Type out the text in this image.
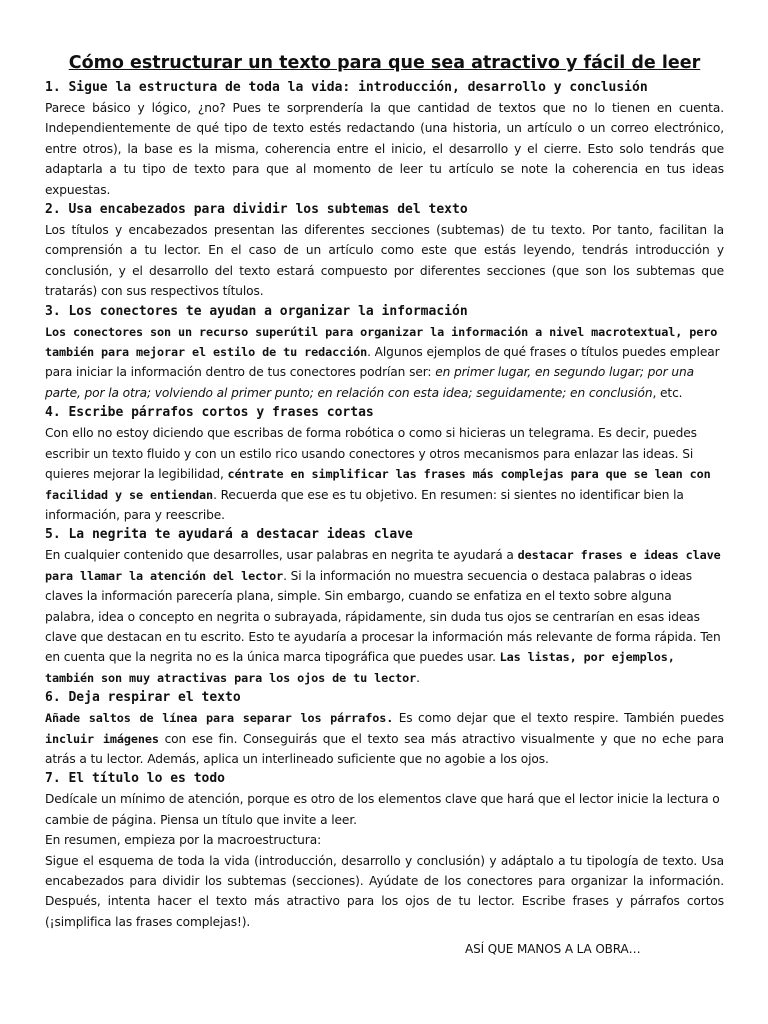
Cómo estructurar un texto para que sea atractivo y fácil de leer
1. Sigue la estructura de toda la vida: introducción, desarrollo y conclusión

Parece básico y lógico, ¿no? Pues te sorprendería la que cantidad de textos que no lo tienen en cuenta. Independientemente de qué tipo de texto estés redactando (una historia, un artículo o un correo electrónico, entre otros), la base es la misma, coherencia entre el inicio, el desarrollo y el cierre. Esto solo tendrás que adaptarla a tu tipo de texto para que al momento de leer tu artículo se note la coherencia en tus ideas expuestas.

2. Usa encabezados para dividir los subtemas del texto

Los títulos y encabezados presentan las diferentes secciones (subtemas) de tu texto. Por tanto, facilitan la comprensión a tu lector. En el caso de un artículo como este que estás leyendo, tendrás introducción y conclusión, y el desarrollo del texto estará compuesto por diferentes secciones (que son los subtemas que tratarás) con sus respectivos títulos.

3. Los conectores te ayudan a organizar la información

Los conectores son un recurso superútil para organizar la información a nivel macrotextual, pero también para mejorar el estilo de tu redacción. Algunos ejemplos de qué frases o títulos puedes emplear para iniciar la información dentro de tus conectores podrían ser: en primer lugar, en segundo lugar; por una parte, por la otra; volviendo al primer punto; en relación con esta idea; seguidamente; en conclusión, etc.

4. Escribe párrafos cortos y frases cortas

Con ello no estoy diciendo que escribas de forma robótica o como si hicieras un telegrama. Es decir, puedes escribir un texto fluido y con un estilo rico usando conectores y otros mecanismos para enlazar las ideas. Si quieres mejorar la legibilidad, céntrate en simplificar las frases más complejas para que se lean con facilidad y se entiendan. Recuerda que ese es tu objetivo. En resumen: si sientes no identificar bien la información, para y reescribe.

5. La negrita te ayudará a destacar ideas clave

En cualquier contenido que desarrolles, usar palabras en negrita te ayudará a destacar frases e ideas clave para llamar la atención del lector. Si la información no muestra secuencia o destaca palabras o ideas claves la información parecería plana, simple. Sin embargo, cuando se enfatiza en el texto sobre alguna palabra, idea o concepto en negrita o subrayada, rápidamente, sin duda tus ojos se centrarían en esas ideas clave que destacan en tu escrito. Esto te ayudaría a procesar la información más relevante de forma rápida. Ten en cuenta que la negrita no es la única marca tipográfica que puedes usar. Las listas, por ejemplos, también son muy atractivas para los ojos de tu lector.

6. Deja respirar el texto

Añade saltos de línea para separar los párrafos. Es como dejar que el texto respire. También puedes incluir imágenes con ese fin. Conseguirás que el texto sea más atractivo visualmente y que no eche para atrás a tu lector. Además, aplica un interlineado suficiente que no agobie a los ojos.

7. El título lo es todo

Dedícale un mínimo de atención, porque es otro de los elementos clave que hará que el lector inicie la lectura o cambie de página. Piensa un título que invite a leer.

En resumen, empieza por la macroestructura:

Sigue el esquema de toda la vida (introducción, desarrollo y conclusión) y adáptalo a tu tipología de texto. Usa encabezados para dividir los subtemas (secciones). Ayúdate de los conectores para organizar la información. Después, intenta hacer el texto más atractivo para los ojos de tu lector. Escribe frases y párrafos cortos (¡simplifica las frases complejas!).

ASÍ QUE MANOS A LA OBRA…
